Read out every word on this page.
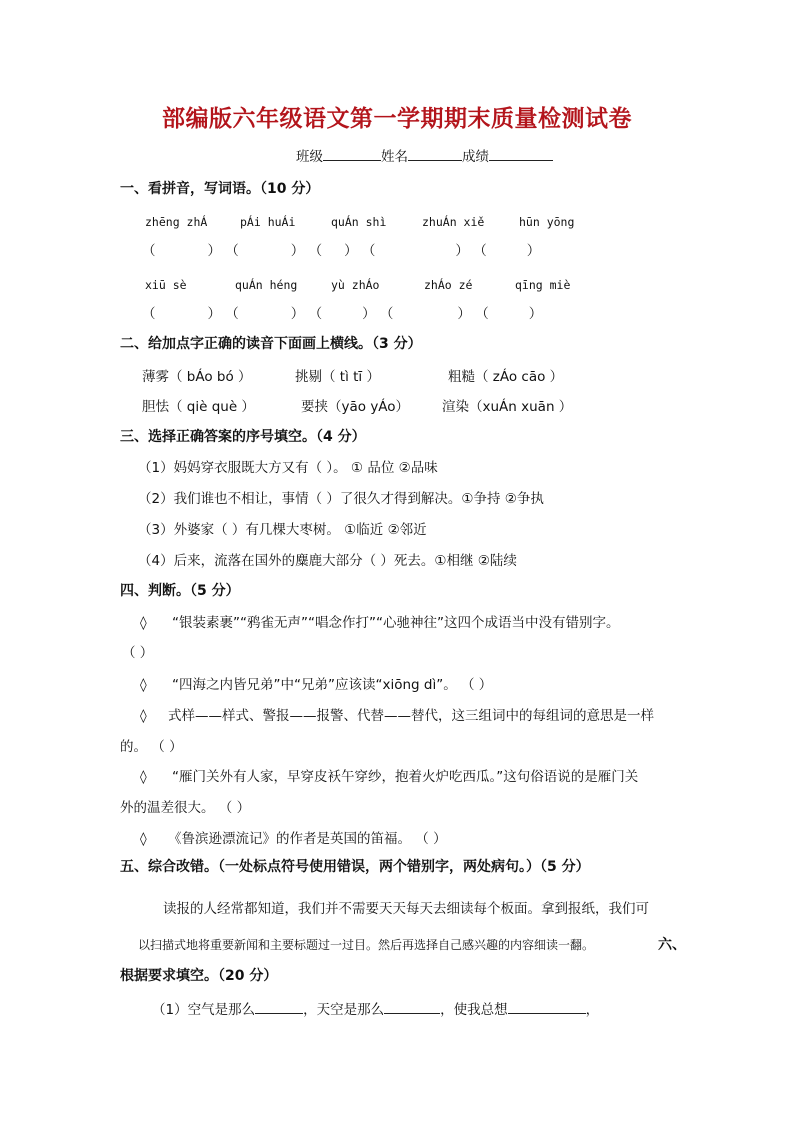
部编版六年级语文第一学期期末质量检测试卷
班级	姓名	成绩
一、看拼音，写词语。（10 分）
zhēng zhÁ	pÁi huÁi	quÁn shì	zhuÁn xiě	hūn yōng
（	） （	） （ ） （	） （	）
xiū sè	quÁn héng	yù zhÁo	zhÁo zé	qīng miè
（	） （	） （	） （	） （	）
二、给加点字正确的读音下面画上横线。（3 分）
薄雾（ bÁo bó ）	挑剔（ tì tī ）	粗糙（ zÁo cāo ）
胆怯（ qiè què ）	要挟（yāo yÁo） 渲染（xuÁn xuān ）
三、选择正确答案的序号填空。（4 分）
（1）妈妈穿衣服既大方又有（ ）。 ① 品位 ②品味
（2）我们谁也不相让，事情（ ）了很久才得到解决。①争持 ②争执
（3）外婆家（ ）有几棵大枣树。 ①临近 ②邻近
（4）后来，流落在国外的麋鹿大部分（ ）死去。①相继 ②陆续
四、判断。（5 分）
◊ “银装素裹”“鸦雀无声”“唱念作打”“心驰神往”这四个成语当中没有错别字。
（ ）
◊ “四海之内皆兄弟”中“兄弟”应该读“xiōng dì”。 （ ）
◊ 式样——样式、警报——报警、代替——替代，这三组词中的每组词的意思是一样
的。 （ ）
◊ “雁门关外有人家，早穿皮袄午穿纱，抱着火炉吃西瓜。”这句俗语说的是雁门关
外的温差很大。 （ ）
◊ 《鲁滨逊漂流记》的作者是英国的笛福。 （ ）
五、综合改错。（一处标点符号使用错误，两个错别字，两处病句。）（5 分）
读报的人经常都知道，我们并不需要天天每天去细读每个板面。拿到报纸，我们可
以扫描式地将重要新闻和主要标题过一过目。然后再选择自己感兴趣的内容细读一翻。	六、
根据要求填空。（20 分）
（1）空气是那么	，天空是那么	，使我总想	，
